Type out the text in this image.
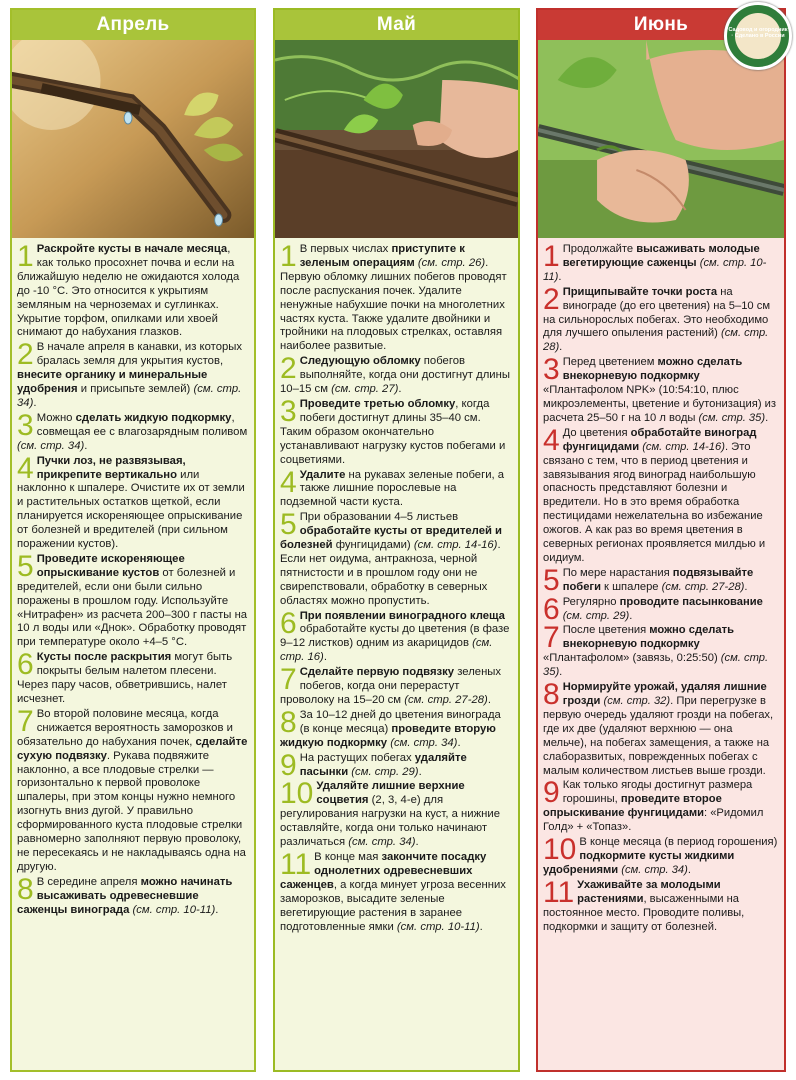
Апрель
1 Раскройте кусты в начале месяца, как только просохнет почва и если на ближайшую неделю не ожидаются холода до -10 °С. Это относится к укрытиям земляным на черноземах и суглинках. Укрытие торфом, опилками или хвоей снимают до набухания глазков.
2 В начале апреля в канавки, из которых бралась земля для укрытия кустов, внесите органику и минеральные удобрения и присыпьте землей) (см. стр. 34).
3 Можно сделать жидкую подкормку, совмещая ее с влагозарядным поливом (см. стр. 34).
4 Пучки лоз, не развязывая, прикрепите вертикально или наклонно к шпалере. Очистите их от земли и растительных остатков щеткой, если планируется искореняющее опрыскивание от болезней и вредителей (при сильном поражении кустов).
5 Проведите искореняющее опрыскивание кустов от болезней и вредителей, если они были сильно поражены в прошлом году. Используйте «Нитрафен» из расчета 200–300 г пасты на 10 л воды или «Днок». Обработку проводят при температуре около +4–5 °С.
6 Кусты после раскрытия могут быть покрыты белым налетом плесени. Через пару часов, обветрившись, налет исчезнет.
7 Во второй половине месяца, когда снижается вероятность заморозков и обязательно до набухания почек, сделайте сухую подвязку. Рукава подвяжите наклонно, а все плодовые стрелки — горизонтально к первой проволоке шпалеры, при этом концы нужно немного изогнуть вниз дугой. У правильно сформированного куста плодовые стрелки равномерно заполняют первую проволоку, не пересекаясь и не накладываясь одна на другую.
8 В середине апреля можно начинать высаживать одревесневшие саженцы винограда (см. стр. 10-11).
Май
1 В первых числах приступите к зеленым операциям (см. стр. 26). Первую обломку лишних побегов проводят после распускания почек. Удалите ненужные набухшие почки на многолетних частях куста. Также удалите двойники и тройники на плодовых стрелках, оставляя наиболее развитые.
2 Следующую обломку побегов выполняйте, когда они достигнут длины 10–15 см (см. стр. 27).
3 Проведите третью обломку, когда побеги достигнут длины 35–40 см. Таким образом окончательно устанавливают нагрузку кустов побегами и соцветиями.
4 Удалите на рукавах зеленые побеги, а также лишние порослевые на подземной части куста.
5 При образовании 4–5 листьев обработайте кусты от вредителей и болезней фунгицидами) (см. стр. 14-16). Если нет оидума, антракноза, черной пятнистости и в прошлом году они не свирепствовали, обработку в северных областях можно пропустить.
6 При появлении виноградного клеща обработайте кусты до цветения (в фазе 9–12 листков) одним из акарицидов (см. стр. 16).
7 Сделайте первую подвязку зеленых побегов, когда они перерастут проволоку на 15–20 см (см. стр. 27-28).
8 За 10–12 дней до цветения винограда (в конце месяца) проведите вторую жидкую подкормку (см. стр. 34).
9 На растущих побегах удаляйте пасынки (см. стр. 29).
10 Удаляйте лишние верхние соцветия (2, 3, 4-е) для регулирования нагрузки на куст, а нижние оставляйте, когда они только начинают различаться (см. стр. 34).
11 В конце мая закончите посадку однолетних одревесневших саженцев, а когда минует угроза весенних заморозков, высадите зеленые вегетирующие растения в заранее подготовленные ямки (см. стр. 10-11).
Июнь
1 Продолжайте высаживать молодые вегетирующие саженцы (см. стр. 10-11).
2 Прищипывайте точки роста на винограде (до его цветения) на 5–10 см на сильнорослых побегах. Это необходимо для лучшего опыления растений) (см. стр. 28).
3 Перед цветением можно сделать внекорневую подкормку «Плантафолом NPK» (10:54:10, плюс микроэлементы, цветение и бутонизация) из расчета 25–50 г на 10 л воды (см. стр. 35).
4 До цветения обработайте виноград фунгицидами (см. стр. 14-16). Это связано с тем, что в период цветения и завязывания ягод виноград наибольшую опасность представляют болезни и вредители. Но в это время обработка пестицидами нежелательна во избежание ожогов. А как раз во время цветения в северных регионах проявляется милдью и оидиум.
5 По мере нарастания подвязывайте побеги к шпалере (см. стр. 27-28).
6 Регулярно проводите пасынкование (см. стр. 29).
7 После цветения можно сделать внекорневую подкормку «Плантафолом» (завязь, 0:25:50) (см. стр. 35).
8 Нормируйте урожай, удаляя лишние грозди (см. стр. 32). При перегрузке в первую очередь удаляют грозди на побегах, где их две (удаляют верхнюю — она мельче), на побегах замещения, а также на слаборазвитых, поврежденных побегах с малым количеством листьев выше грозди.
9 Как только ягоды достигнут размера горошины, проведите второе опрыскивание фунгицидами: «Ридомил Голд» + «Топаз».
10 В конце месяца (в период горошения) подкормите кусты жидкими удобрениями (см. стр. 34).
11 Ухаживайте за молодыми растениями, высаженными на постоянное место. Проводите поливы, подкормки и защиту от болезней.
Садовод и огородник · Сделано в России
